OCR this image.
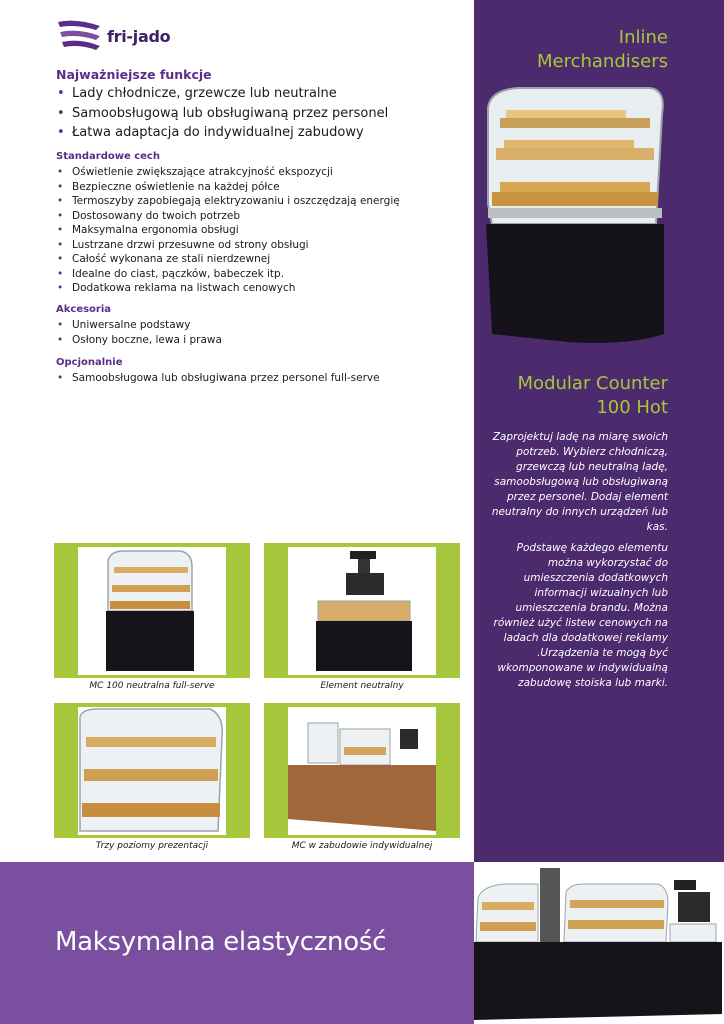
fri-jado
Najważniejsze funkcje
• Lady chłodnicze, grzewcze lub neutralne
• Samoobsługową lub obsługiwaną przez personel
• Łatwa adaptacja do indywidualnej zabudowy
Standardowe cech
• Oświetlenie zwiększające atrakcyjność ekspozycji
• Bezpieczne oświetlenie na każdej półce
• Termoszyby zapobiegają elektryzowaniu i oszczędzają energię
• Dostosowany do twoich potrzeb
• Maksymalna ergonomia obsługi
• Lustrzane drzwi przesuwne od strony obsługi
• Całość wykonana ze stali nierdzewnej
• Idealne do ciast, pączków, babeczek itp.
• Dodatkowa reklama na listwach cenowych
Akcesoria
• Uniwersalne podstawy
• Osłony boczne, lewa i prawa
Opcjonalnie
• Samoobsługowa lub obsługiwana przez personel full-serve
Inline
Merchandisers
Modular Counter
100 Hot
Zaprojektuj ladę na miarę swoich potrzeb. Wybierz chłodniczą, grzewczą lub neutralną ladę, samoobsługową lub obsługiwaną przez personel. Dodaj element neutralny do innych urządzeń lub kas.
Podstawę każdego elementu można wykorzystać do umieszczenia dodatkowych informacji wizualnych lub umieszczenia brandu. Można również użyć listew cenowych na ladach dla dodatkowej reklamy .Urządzenia te mogą być wkomponowane w indywidualną zabudowę stoiska lub marki.
MC 100 neutralna full-serve	Element neutralny
Trzy poziomy prezentacji	MC w zabudowie indywidualnej
Maksymalna elastyczność
